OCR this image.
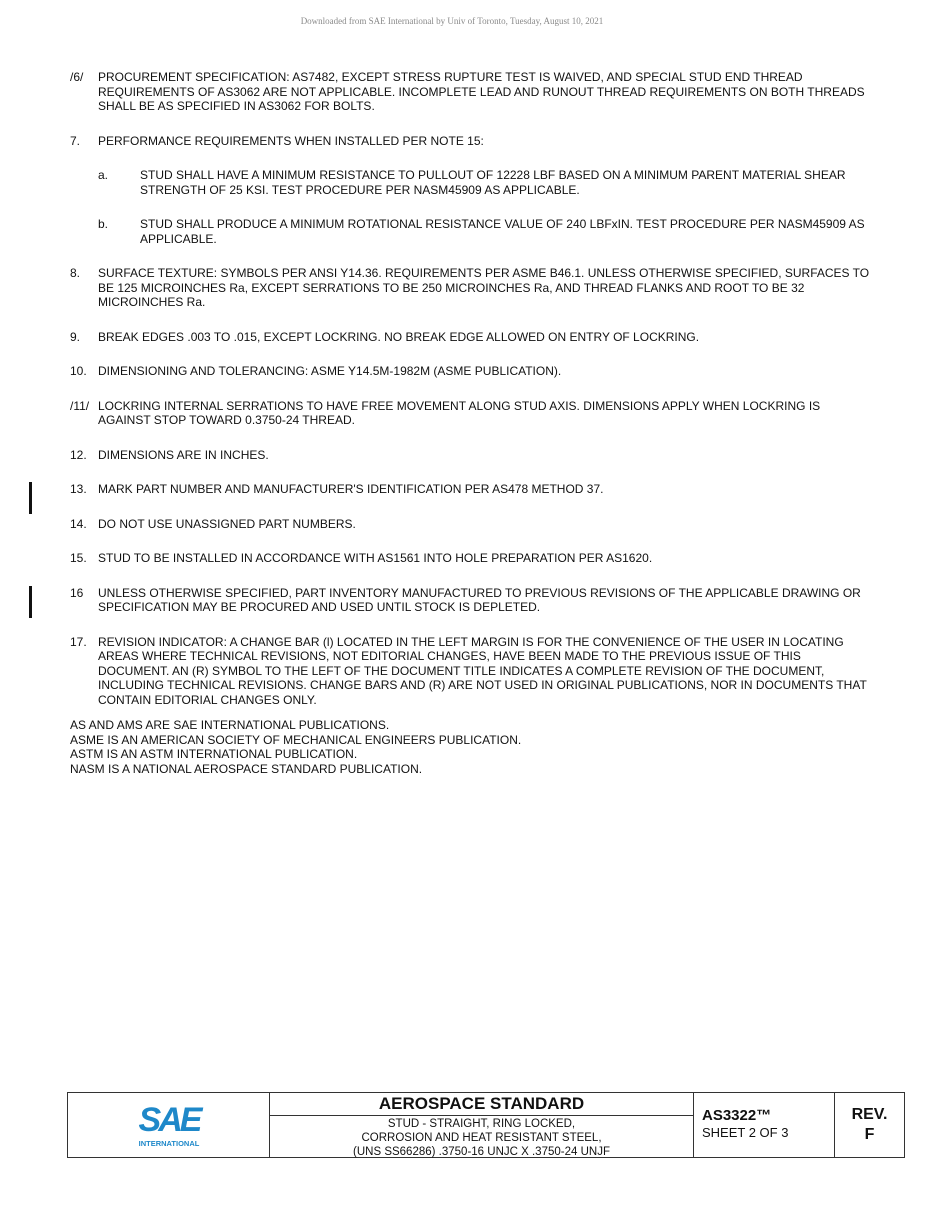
Downloaded from SAE International by Univ of Toronto, Tuesday, August 10, 2021
/6/	PROCUREMENT SPECIFICATION: AS7482, EXCEPT STRESS RUPTURE TEST IS WAIVED, AND SPECIAL STUD END THREAD REQUIREMENTS OF AS3062 ARE NOT APPLICABLE. INCOMPLETE LEAD AND RUNOUT THREAD REQUIREMENTS ON BOTH THREADS SHALL BE AS SPECIFIED IN AS3062 FOR BOLTS.
7.	PERFORMANCE REQUIREMENTS WHEN INSTALLED PER NOTE 15:
a.	STUD SHALL HAVE A MINIMUM RESISTANCE TO PULLOUT OF 12228 LBF BASED ON A MINIMUM PARENT MATERIAL SHEAR STRENGTH OF 25 KSI. TEST PROCEDURE PER NASM45909 AS APPLICABLE.
b.	STUD SHALL PRODUCE A MINIMUM ROTATIONAL RESISTANCE VALUE OF 240 LBFxIN. TEST PROCEDURE PER NASM45909 AS APPLICABLE.
8.	SURFACE TEXTURE: SYMBOLS PER ANSI Y14.36. REQUIREMENTS PER ASME B46.1. UNLESS OTHERWISE SPECIFIED, SURFACES TO BE 125 MICROINCHES Ra, EXCEPT SERRATIONS TO BE 250 MICROINCHES Ra, AND THREAD FLANKS AND ROOT TO BE 32 MICROINCHES Ra.
9.	BREAK EDGES .003 TO .015, EXCEPT LOCKRING. NO BREAK EDGE ALLOWED ON ENTRY OF LOCKRING.
10. DIMENSIONING AND TOLERANCING: ASME Y14.5M-1982M (ASME PUBLICATION).
/11/ LOCKRING INTERNAL SERRATIONS TO HAVE FREE MOVEMENT ALONG STUD AXIS. DIMENSIONS APPLY WHEN LOCKRING IS AGAINST STOP TOWARD 0.3750-24 THREAD.
12. DIMENSIONS ARE IN INCHES.
13. MARK PART NUMBER AND MANUFACTURER'S IDENTIFICATION PER AS478 METHOD 37.
14. DO NOT USE UNASSIGNED PART NUMBERS.
15. STUD TO BE INSTALLED IN ACCORDANCE WITH AS1561 INTO HOLE PREPARATION PER AS1620.
16	UNLESS OTHERWISE SPECIFIED, PART INVENTORY MANUFACTURED TO PREVIOUS REVISIONS OF THE APPLICABLE DRAWING OR SPECIFICATION MAY BE PROCURED AND USED UNTIL STOCK IS DEPLETED.
17. REVISION INDICATOR: A CHANGE BAR (l) LOCATED IN THE LEFT MARGIN IS FOR THE CONVENIENCE OF THE USER IN LOCATING AREAS WHERE TECHNICAL REVISIONS, NOT EDITORIAL CHANGES, HAVE BEEN MADE TO THE PREVIOUS ISSUE OF THIS DOCUMENT. AN (R) SYMBOL TO THE LEFT OF THE DOCUMENT TITLE INDICATES A COMPLETE REVISION OF THE DOCUMENT, INCLUDING TECHNICAL REVISIONS. CHANGE BARS AND (R) ARE NOT USED IN ORIGINAL PUBLICATIONS, NOR IN DOCUMENTS THAT CONTAIN EDITORIAL CHANGES ONLY.
AS AND AMS ARE SAE INTERNATIONAL PUBLICATIONS.
ASME IS AN AMERICAN SOCIETY OF MECHANICAL ENGINEERS PUBLICATION.
ASTM IS AN ASTM INTERNATIONAL PUBLICATION.
NASM IS A NATIONAL AEROSPACE STANDARD PUBLICATION.
SAE
INTERNATIONAL
AEROSPACE STANDARD
STUD - STRAIGHT, RING LOCKED,
CORROSION AND HEAT RESISTANT STEEL,
(UNS SS66286) .3750-16 UNJC X .3750-24 UNJF
AS3322™
SHEET 2 OF 3
REV.
F
